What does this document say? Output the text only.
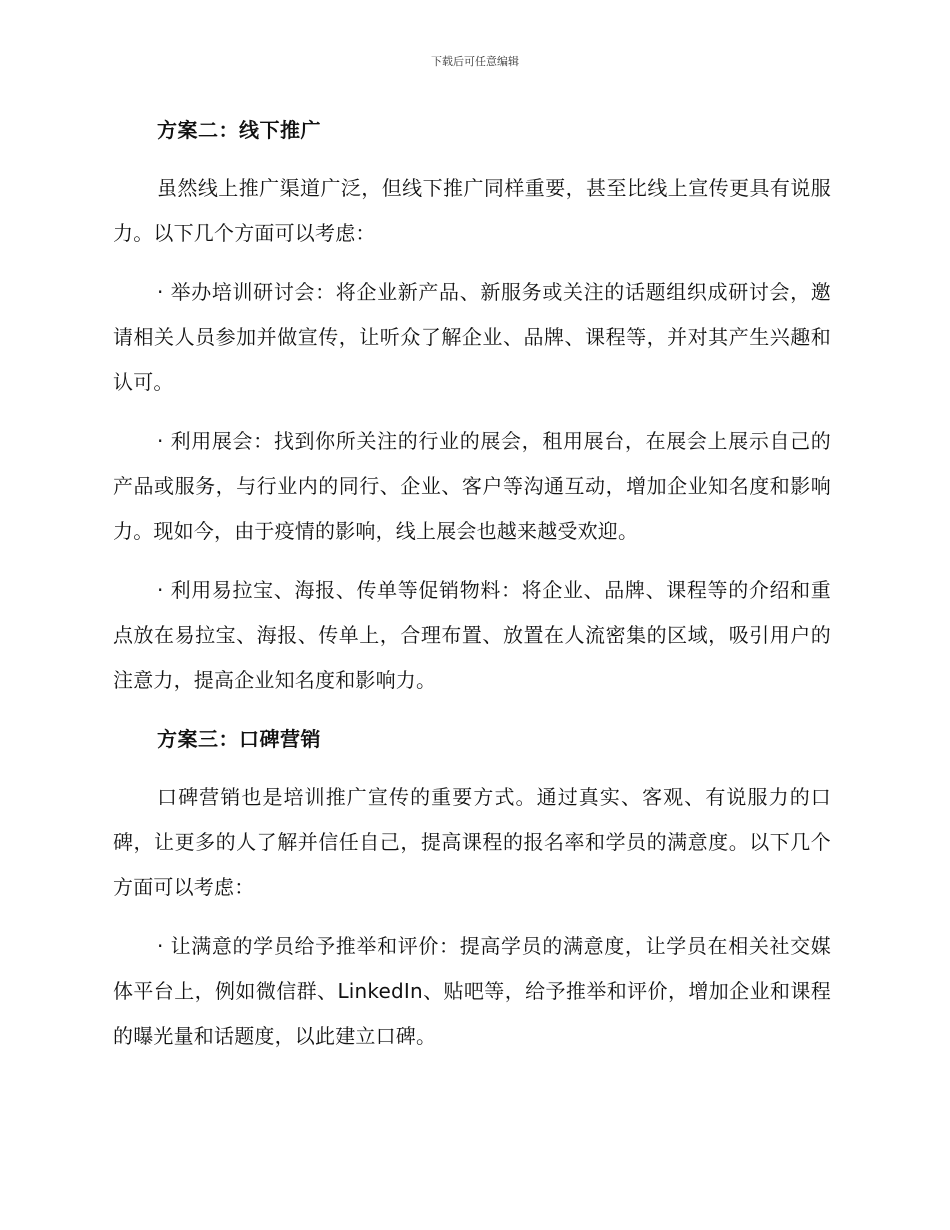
下载后可任意编辑
方案二：线下推广

虽然线上推广渠道广泛，但线下推广同样重要，甚至比线上宣传更具有说服力。以下几个方面可以考虑：

· 举办培训研讨会：将企业新产品、新服务或关注的话题组织成研讨会，邀请相关人员参加并做宣传，让听众了解企业、品牌、课程等，并对其产生兴趣和认可。

· 利用展会：找到你所关注的行业的展会，租用展台，在展会上展示自己的产品或服务，与行业内的同行、企业、客户等沟通互动，增加企业知名度和影响力。现如今，由于疫情的影响，线上展会也越来越受欢迎。

· 利用易拉宝、海报、传单等促销物料：将企业、品牌、课程等的介绍和重点放在易拉宝、海报、传单上，合理布置、放置在人流密集的区域，吸引用户的注意力，提高企业知名度和影响力。

方案三：口碑营销

口碑营销也是培训推广宣传的重要方式。通过真实、客观、有说服力的口碑，让更多的人了解并信任自己，提高课程的报名率和学员的满意度。以下几个方面可以考虑：

· 让满意的学员给予推举和评价：提高学员的满意度，让学员在相关社交媒体平台上，例如微信群、LinkedIn、贴吧等，给予推举和评价，增加企业和课程的曝光量和话题度，以此建立口碑。
